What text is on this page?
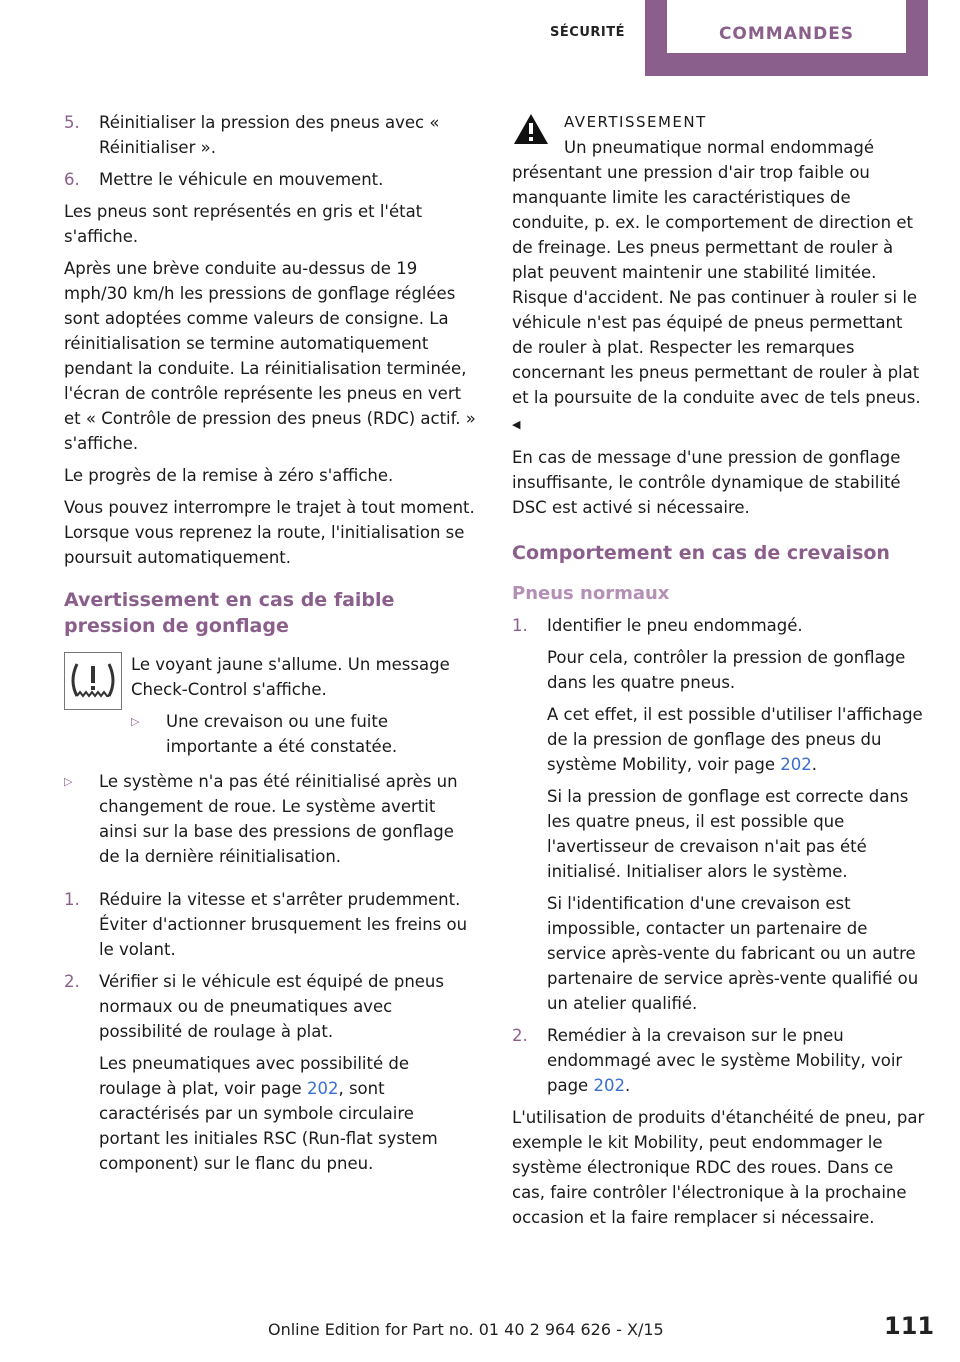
SÉCURITÉ	COMMANDES
5. Réinitialiser la pression des pneus avec « Réinitialiser ».
6. Mettre le véhicule en mouvement.

Les pneus sont représentés en gris et l'état s'affiche.

Après une brève conduite au-dessus de 19 mph/30 km/h les pressions de gonflage réglées sont adoptées comme valeurs de consigne. La réinitialisation se termine automatiquement pendant la conduite. La réinitialisation terminée, l'écran de contrôle représente les pneus en vert et « Contrôle de pression des pneus (RDC) actif. » s'affiche.

Le progrès de la remise à zéro s'affiche.

Vous pouvez interrompre le trajet à tout moment. Lorsque vous reprenez la route, l'initialisation se poursuit automatiquement.

Avertissement en cas de faible pression de gonflage
Le voyant jaune s'allume. Un message Check-Control s'affiche.
▷ Une crevaison ou une fuite importante a été constatée.
▷ Le système n'a pas été réinitialisé après un changement de roue. Le système avertit ainsi sur la base des pressions de gonflage de la dernière réinitialisation.
1. Réduire la vitesse et s'arrêter prudemment. Éviter d'actionner brusquement les freins ou le volant.
2. Vérifier si le véhicule est équipé de pneus normaux ou de pneumatiques avec possibilité de roulage à plat.
Les pneumatiques avec possibilité de roulage à plat, voir page 202, sont caractérisés par un symbole circulaire portant les initiales RSC (Run-flat system component) sur le flanc du pneu.
AVERTISSEMENT
Un pneumatique normal endommagé présentant une pression d'air trop faible ou manquante limite les caractéristiques de conduite, p. ex. le comportement de direction et de freinage. Les pneus permettant de rouler à plat peuvent maintenir une stabilité limitée. Risque d'accident. Ne pas continuer à rouler si le véhicule n'est pas équipé de pneus permettant de rouler à plat. Respecter les remarques concernant les pneus permettant de rouler à plat et la poursuite de la conduite avec de tels pneus. ◀

En cas de message d'une pression de gonflage insuffisante, le contrôle dynamique de stabilité DSC est activé si nécessaire.

Comportement en cas de crevaison
Pneus normaux
1. Identifier le pneu endommagé.
Pour cela, contrôler la pression de gonflage dans les quatre pneus.
A cet effet, il est possible d'utiliser l'affichage de la pression de gonflage des pneus du système Mobility, voir page 202.
Si la pression de gonflage est correcte dans les quatre pneus, il est possible que l'avertisseur de crevaison n'ait pas été initialisé. Initialiser alors le système.
Si l'identification d'une crevaison est impossible, contacter un partenaire de service après-vente du fabricant ou un autre partenaire de service après-vente qualifié ou un atelier qualifié.
2. Remédier à la crevaison sur le pneu endommagé avec le système Mobility, voir page 202.

L'utilisation de produits d'étanchéité de pneu, par exemple le kit Mobility, peut endommager le système électronique RDC des roues. Dans ce cas, faire contrôler l'électronique à la prochaine occasion et la faire remplacer si nécessaire.

Online Edition for Part no. 01 40 2 964 626 - X/15	111
